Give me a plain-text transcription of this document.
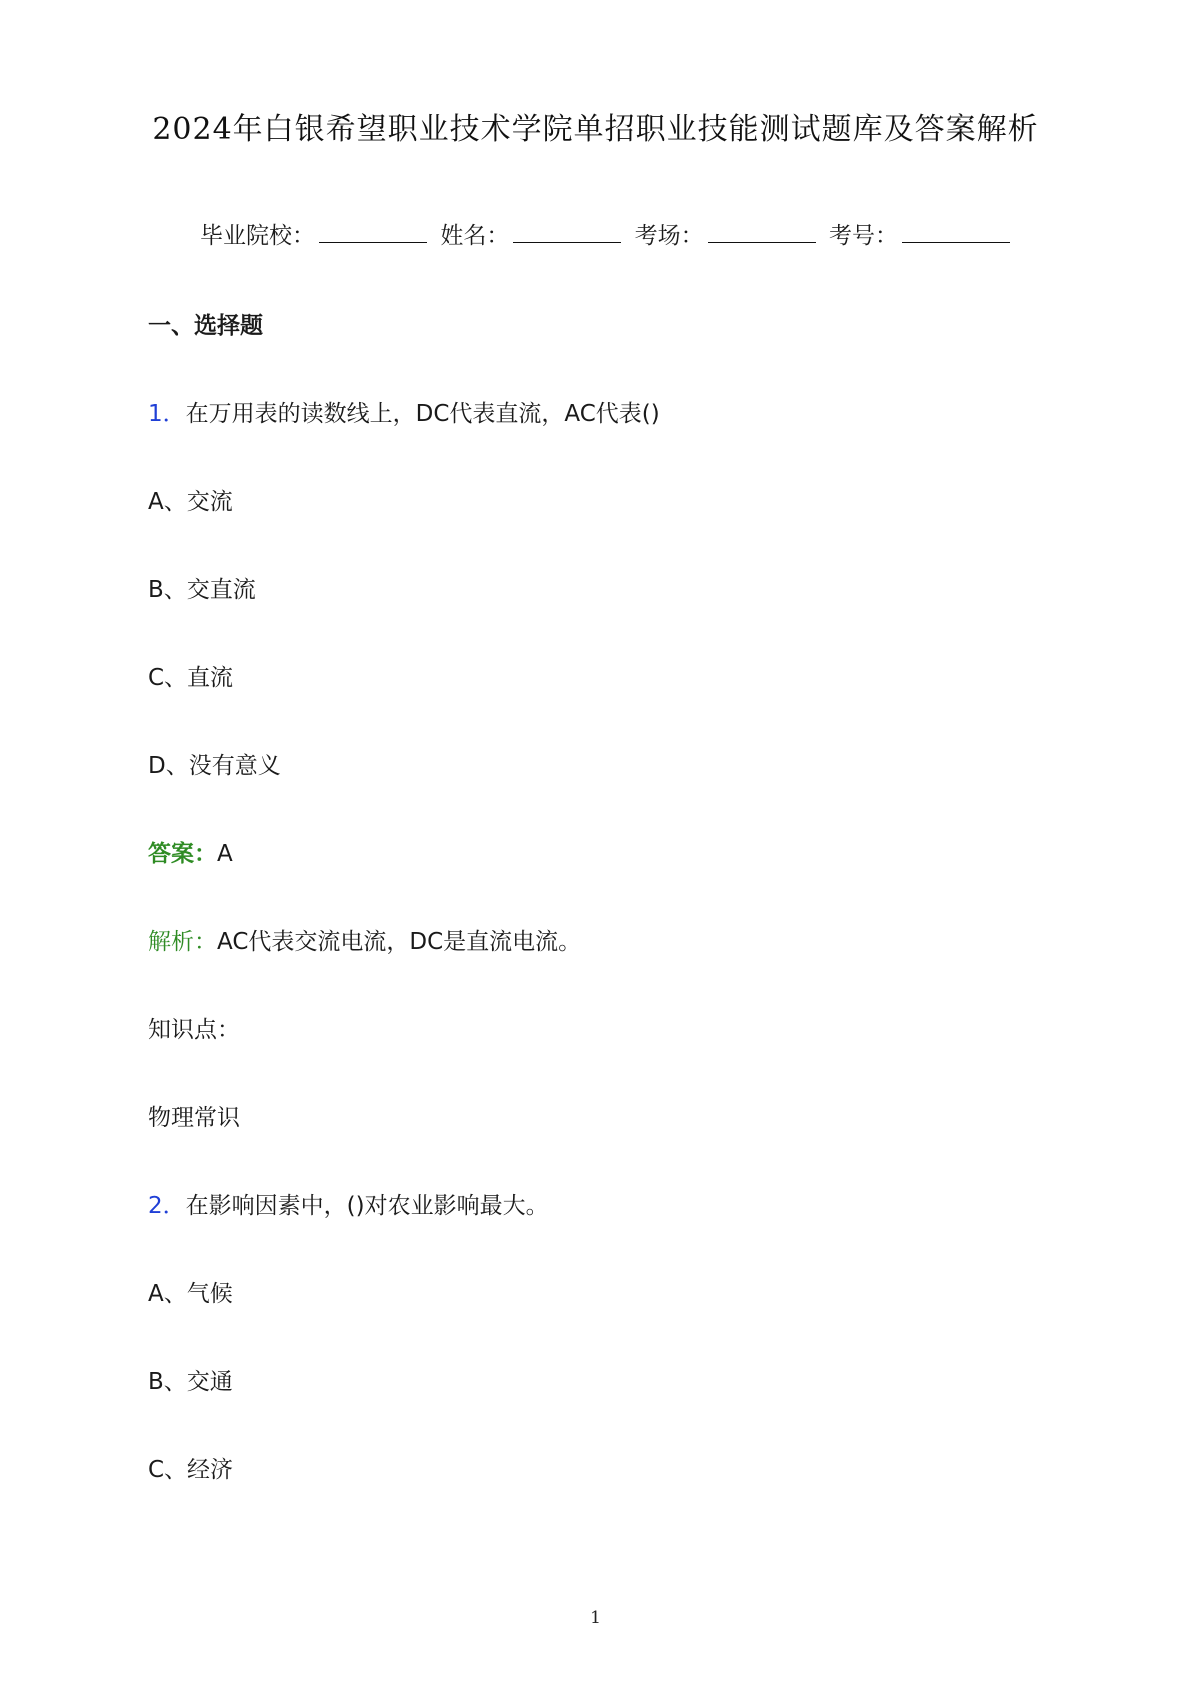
2024年白银希望职业技术学院单招职业技能测试题库及答案解析
毕业院校：	姓名：	考场：	考号：
一、选择题
1．在万用表的读数线上，DC代表直流，AC代表()
A、交流
B、交直流
C、直流
D、没有意义
答案：A
解析：AC代表交流电流，DC是直流电流。
知识点：
物理常识
2．在影响因素中，()对农业影响最大。
A、气候
B、交通
C、经济
1
